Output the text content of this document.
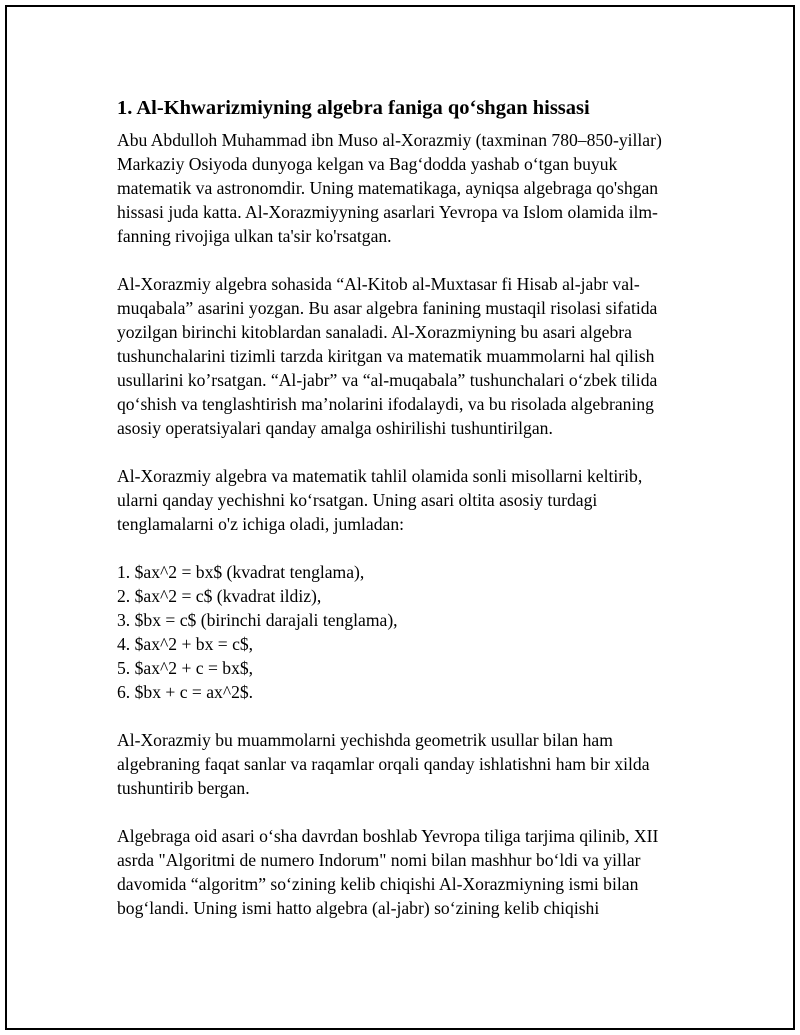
1. Al-Khwarizmiyning algebra faniga qo‘shgan hissasi

Abu Abdulloh Muhammad ibn Muso al-Xorazmiy (taxminan 780–850-yillar) Markaziy Osiyoda dunyoga kelgan va Bag‘dodda yashab o‘tgan buyuk matematik va astronomdir. Uning matematikaga, ayniqsa algebraga qo'shgan hissasi juda katta. Al-Xorazmiyyning asarlari Yevropa va Islom olamida ilm-fanning rivojiga ulkan ta'sir ko'rsatgan.

Al-Xorazmiy algebra sohasida “Al-Kitob al-Muxtasar fi Hisab al-jabr val-muqabala” asarini yozgan. Bu asar algebra fanining mustaqil risolasi sifatida yozilgan birinchi kitoblardan sanaladi. Al-Xorazmiyning bu asari algebra tushunchalarini tizimli tarzda kiritgan va matematik muammolarni hal qilish usullarini ko’rsatgan. “Al-jabr” va “al-muqabala” tushunchalari o‘zbek tilida qo‘shish va tenglashtirish ma’nolarini ifodalaydi, va bu risolada algebraning asosiy operatsiyalari qanday amalga oshirilishi tushuntirilgan.

Al-Xorazmiy algebra va matematik tahlil olamida sonli misollarni keltirib, ularni qanday yechishni ko‘rsatgan. Uning asari oltita asosiy turdagi tenglamalarni o'z ichiga oladi, jumladan:

1. $ax^2 = bx$ (kvadrat tenglama),
2. $ax^2 = c$ (kvadrat ildiz),
3. $bx = c$ (birinchi darajali tenglama),
4. $ax^2 + bx = c$,
5. $ax^2 + c = bx$,
6. $bx + c = ax^2$.

Al-Xorazmiy bu muammolarni yechishda geometrik usullar bilan ham algebraning faqat sanlar va raqamlar orqali qanday ishlatishni ham bir xilda tushuntirib bergan.

Algebraga oid asari o‘sha davrdan boshlab Yevropa tiliga tarjima qilinib, XII asrda "Algoritmi de numero Indorum" nomi bilan mashhur bo‘ldi va yillar davomida “algoritm” so‘zining kelib chiqishi Al-Xorazmiyning ismi bilan bog‘landi. Uning ismi hatto algebra (al-jabr) so‘zining kelib chiqishi
